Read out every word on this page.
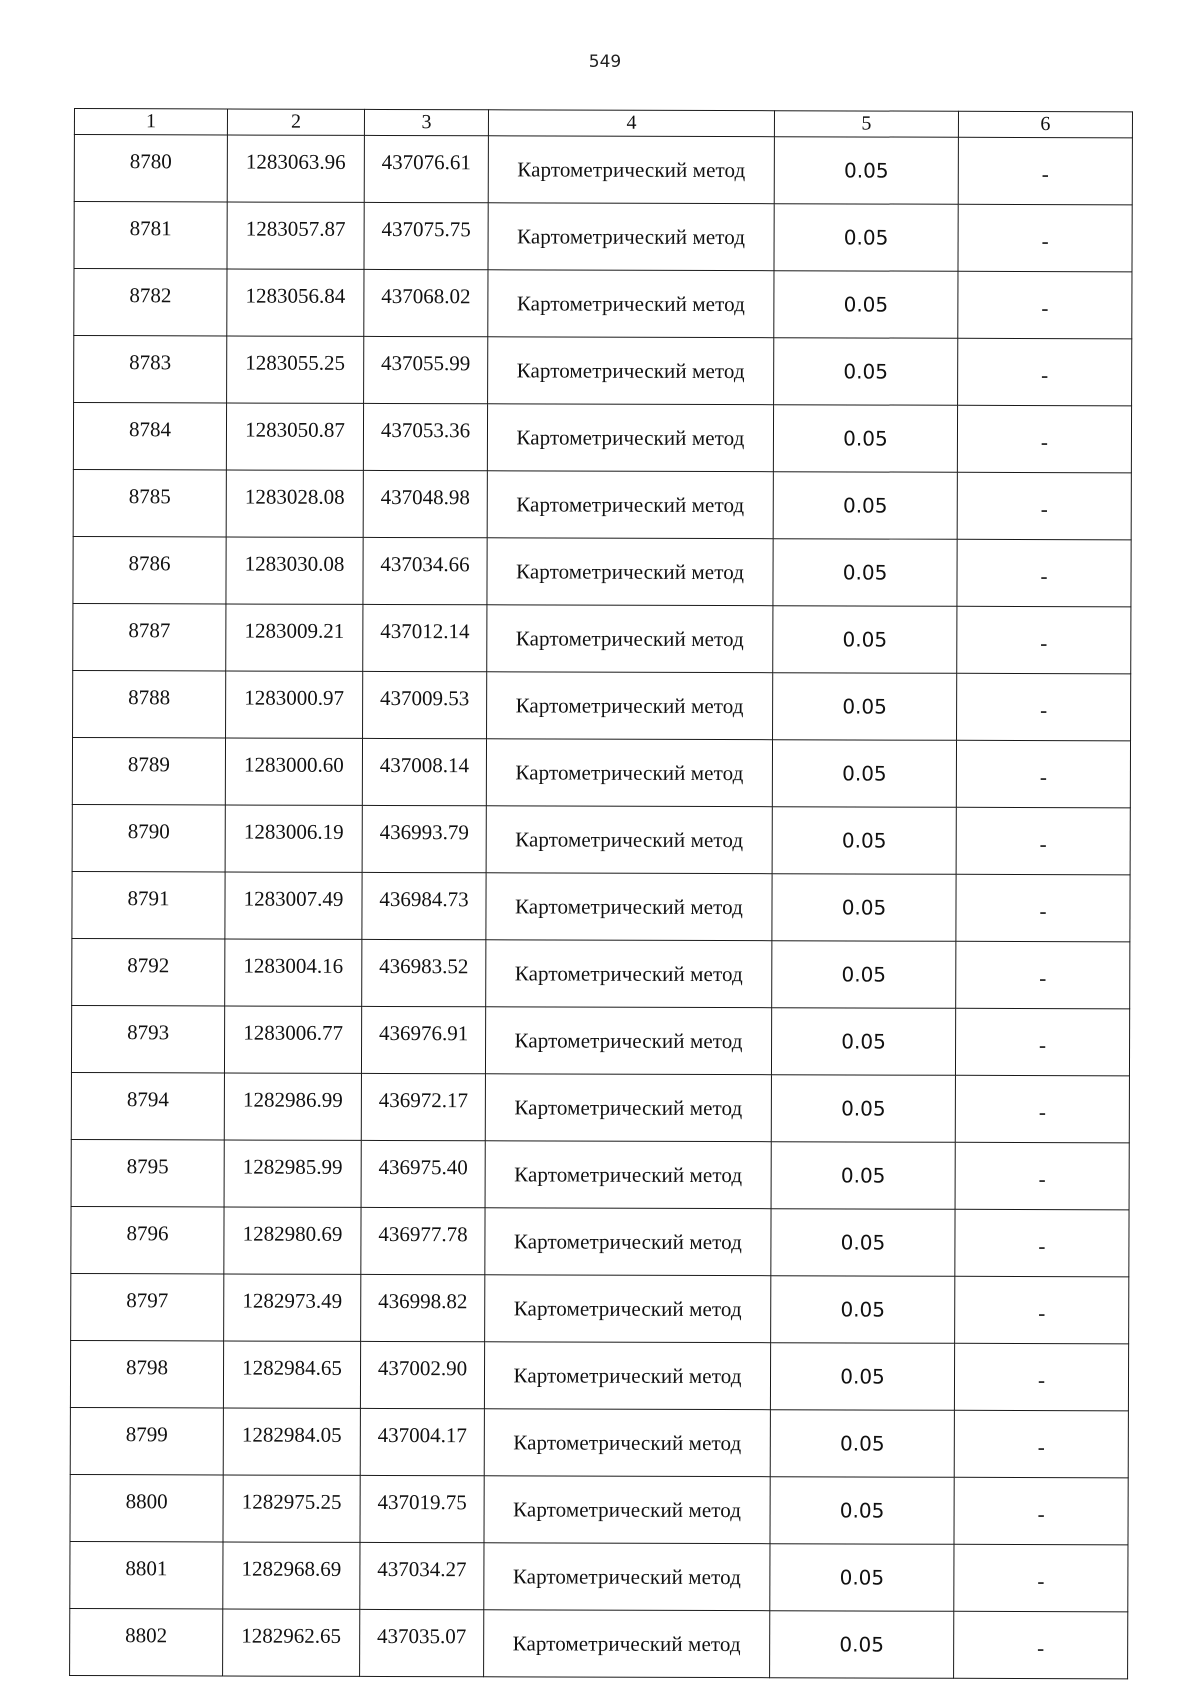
549
1	2	3	4	5	6
8780	1283063.96	437076.61	Картометрический метод	0.05	-
8781	1283057.87	437075.75	Картометрический метод	0.05	-
8782	1283056.84	437068.02	Картометрический метод	0.05	-
8783	1283055.25	437055.99	Картометрический метод	0.05	-
8784	1283050.87	437053.36	Картометрический метод	0.05	-
8785	1283028.08	437048.98	Картометрический метод	0.05	-
8786	1283030.08	437034.66	Картометрический метод	0.05	-
8787	1283009.21	437012.14	Картометрический метод	0.05	-
8788	1283000.97	437009.53	Картометрический метод	0.05	-
8789	1283000.60	437008.14	Картометрический метод	0.05	-
8790	1283006.19	436993.79	Картометрический метод	0.05	-
8791	1283007.49	436984.73	Картометрический метод	0.05	-
8792	1283004.16	436983.52	Картометрический метод	0.05	-
8793	1283006.77	436976.91	Картометрический метод	0.05	-
8794	1282986.99	436972.17	Картометрический метод	0.05	-
8795	1282985.99	436975.40	Картометрический метод	0.05	-
8796	1282980.69	436977.78	Картометрический метод	0.05	-
8797	1282973.49	436998.82	Картометрический метод	0.05	-
8798	1282984.65	437002.90	Картометрический метод	0.05	-
8799	1282984.05	437004.17	Картометрический метод	0.05	-
8800	1282975.25	437019.75	Картометрический метод	0.05	-
8801	1282968.69	437034.27	Картометрический метод	0.05	-
8802	1282962.65	437035.07	Картометрический метод	0.05	-
